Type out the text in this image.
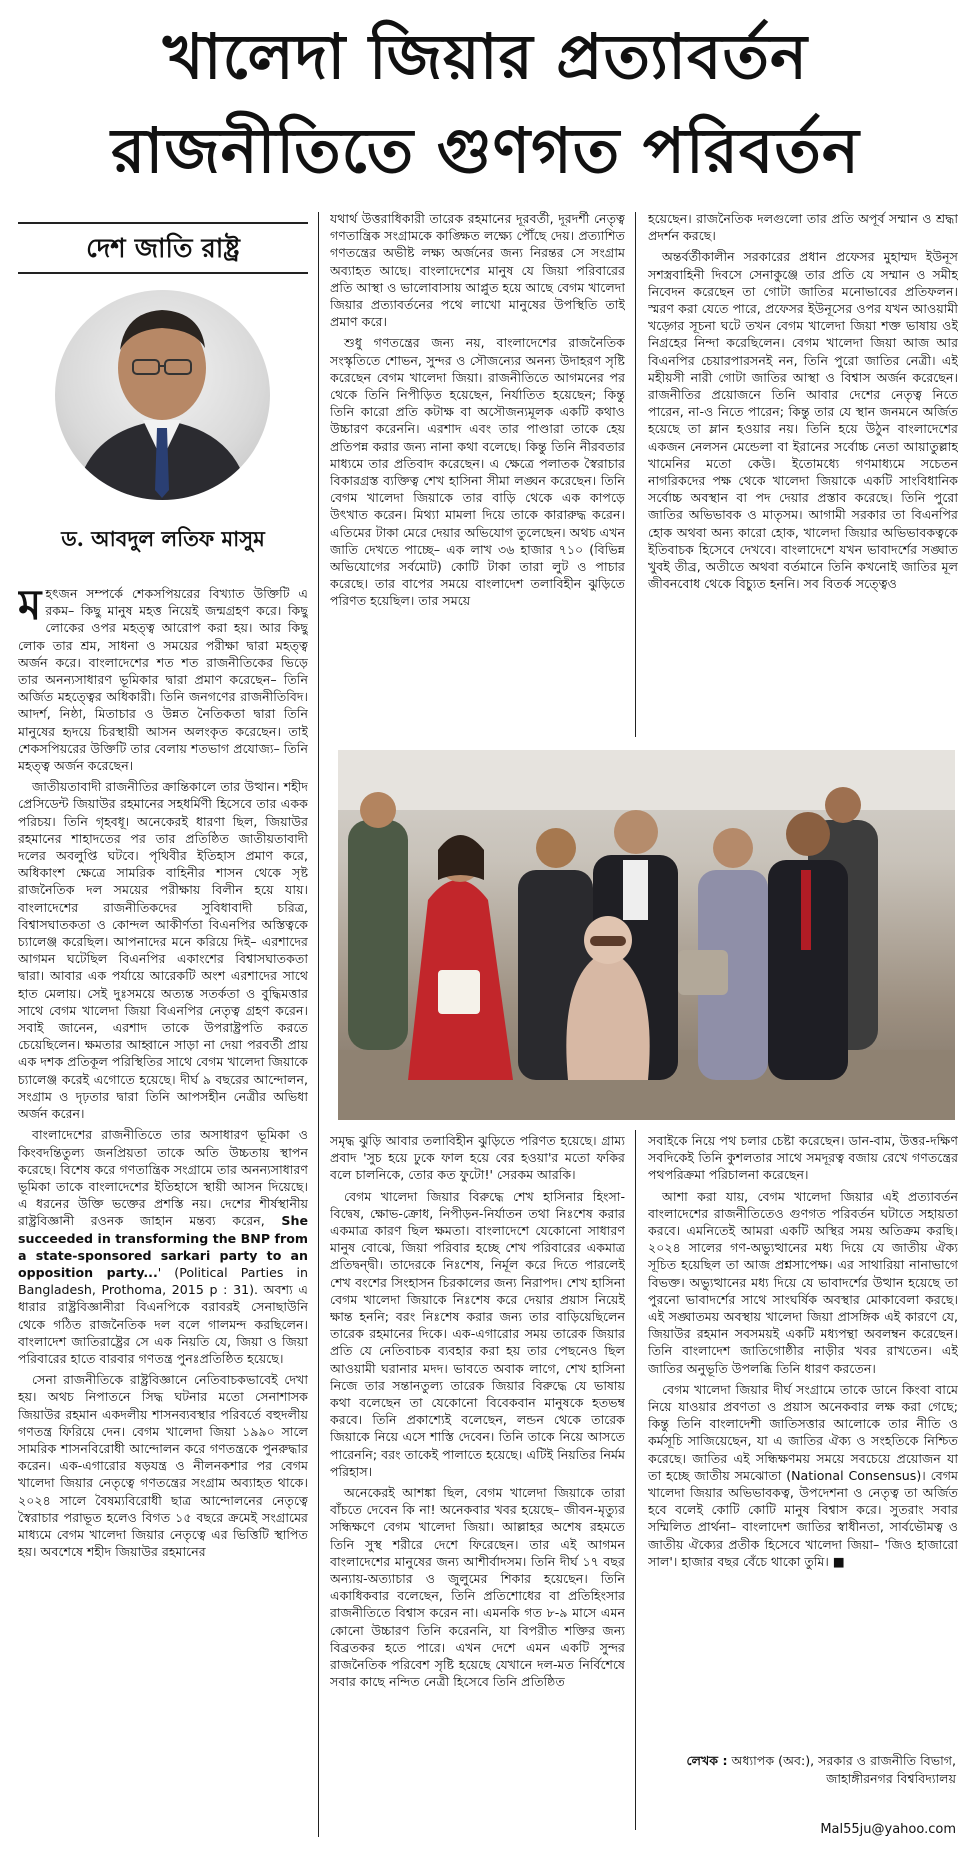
খালেদা জিয়ার প্রত্যাবর্তন
রাজনীতিতে গুণগত পরিবর্তন
দেশ জাতি রাষ্ট্র
ড. আবদুল লতিফ মাসুম

মহৎজন সম্পর্কে শেকসপিয়রের বিখ্যাত উক্তিটি এ রকম– কিছু মানুষ মহত্ত নিয়েই জন্মগ্রহণ করে। কিছু লোকের ওপর মহত্ত্ব আরোপ করা হয়। আর কিছু লোক তার শ্রম, সাধনা ও সময়ের পরীক্ষা দ্বারা মহত্ত্ব অর্জন করে। বাংলাদেশের শত শত রাজনীতিকের ভিড়ে তার অনন্যসাধারণ ভূমিকার দ্বারা প্রমাণ করেছেন– তিনি অর্জিত মহত্ত্বের অধিকারী। তিনি জনগণের রাজনীতিবিদ। আদর্শ, নিষ্ঠা, মিতাচার ও উন্নত নৈতিকতা দ্বারা তিনি মানুষের হৃদয়ে চিরস্থায়ী আসন অলংকৃত করেছেন। তাই শেকসপিয়রের উক্তিটি তার বেলায় শতভাগ প্রযোজ্য– তিনি মহত্ত্ব অর্জন করেছেন।

জাতীয়তাবাদী রাজনীতির ক্রান্তিকালে তার উত্থান। শহীদ প্রেসিডেন্ট জিয়াউর রহমানের সহধর্মিণী হিসেবে তার একক পরিচয়। তিনি গৃহবধূ। অনেকেরই ধারণা ছিল, জিয়াউর রহমানের শাহাদতের পর তার প্রতিষ্ঠিত জাতীয়তাবাদী দলের অবলুপ্তি ঘটবে। পৃথিবীর ইতিহাস প্রমাণ করে, অধিকাংশ ক্ষেত্রে সামরিক বাহিনীর শাসন থেকে সৃষ্ট রাজনৈতিক দল সময়ের পরীক্ষায় বিলীন হয়ে যায়। বাংলাদেশের রাজনীতিকদের সুবিধাবাদী চরিত্র, বিশ্বাসঘাতকতা ও কোন্দল আকীর্ণতা বিএনপির অস্তিত্বকে চ্যালেঞ্জ করেছিল। আপনাদের মনে করিয়ে দিই– এরশাদের আগমন ঘটেছিল বিএনপির একাংশের বিশ্বাসঘাতকতা দ্বারা। আবার এক পর্যায়ে আরেকটি অংশ এরশাদের সাথে হাত মেলায়। সেই দুঃসময়ে অত্যন্ত সতর্কতা ও বুদ্ধিমত্তার সাথে বেগম খালেদা জিয়া বিএনপির নেতৃত্ব গ্রহণ করেন। সবাই জানেন, এরশাদ তাকে উপরাষ্ট্রপতি করতে চেয়েছিলেন। ক্ষমতার আহ্বানে সাড়া না দেয়া পরবর্তী প্রায় এক দশক প্রতিকূল পরিস্থিতির সাথে বেগম খালেদা জিয়াকে চ্যালেঞ্জ করেই এগোতে হয়েছে। দীর্ঘ ৯ বছরের আন্দোলন, সংগ্রাম ও দৃঢ়তার দ্বারা তিনি আপসহীন নেত্রীর অভিধা অর্জন করেন।

বাংলাদেশের রাজনীতিতে তার অসাধারণ ভূমিকা ও কিংবদন্তিতুল্য জনপ্রিয়তা তাকে অতি উচ্চতায় স্থাপন করেছে। বিশেষ করে গণতান্ত্রিক সংগ্রামে তার অনন্যসাধারণ ভূমিকা তাকে বাংলাদেশের ইতিহাসে স্থায়ী আসন দিয়েছে। এ ধরনের উক্তি ভক্তের প্রশস্তি নয়। দেশের শীর্ষস্থানীয় রাষ্ট্রবিজ্ঞানী রওনক জাহান মন্তব্য করেন, She succeeded in transforming the BNP from a state-sponsored sarkari party to an opposition party...' (Political Parties in Bangladesh, Prothoma, 2015 p : 31). অবশ্য এ ধারার রাষ্ট্রবিজ্ঞানীরা বিএনপিকে বরাবরই সেনাছাউনি থেকে গঠিত রাজনৈতিক দল বলে গালমন্দ করছিলেন। বাংলাদেশ জাতিরাষ্ট্রের সে এক নিয়তি যে, জিয়া ও জিয়া পরিবারের হাতে বারবার গণতন্ত্র পুনঃপ্রতিষ্ঠিত হয়েছে।

সেনা রাজনীতিকে রাষ্ট্রবিজ্ঞানে নেতিবাচকভাবেই দেখা হয়। অথচ নিপাতনে সিদ্ধ ঘটনার মতো সেনাশাসক জিয়াউর রহমান একদলীয় শাসনব্যবস্থার পরিবর্তে বহুদলীয় গণতন্ত্র ফিরিয়ে দেন। বেগম খালেদা জিয়া ১৯৯০ সালে সামরিক শাসনবিরোধী আন্দোলন করে গণতন্ত্রকে পুনরুদ্ধার করেন। এক-এগারোর ষড়যন্ত্র ও নীলনকশার পর বেগম খালেদা জিয়ার নেতৃত্বে গণতন্ত্রের সংগ্রাম অব্যাহত থাকে। ২০২৪ সালে বৈষম্যবিরোধী ছাত্র আন্দোলনের নেতৃত্বে স্বৈরাচার পরাভূত হলেও বিগত ১৫ বছরে ক্রমেই সংগ্রামের মাধ্যমে বেগম খালেদা জিয়ার নেতৃত্বে এর ভিত্তিটি স্থাপিত হয়। অবশেষে শহীদ জিয়াউর রহমানের

যথার্থ উত্তরাধিকারী তারেক রহমানের দূরবর্তী, দূরদর্শী নেতৃত্ব গণতান্ত্রিক সংগ্রামকে কাঙ্ক্ষিত লক্ষ্যে পৌঁছে দেয়। প্রত্যাশিত গণতন্ত্রের অভীষ্ট লক্ষ্য অর্জনের জন্য নিরন্তর সে সংগ্রাম অব্যাহত আছে। বাংলাদেশের মানুষ যে জিয়া পরিবারের প্রতি আস্থা ও ভালোবাসায় আপ্লুত হয়ে আছে বেগম খালেদা জিয়ার প্রত্যাবর্তনের পথে লাখো মানুষের উপস্থিতি তাই প্রমাণ করে।

শুধু গণতন্ত্রের জন্য নয়, বাংলাদেশের রাজনৈতিক সংস্কৃতিতে শোভন, সুন্দর ও সৌজন্যের অনন্য উদাহরণ সৃষ্টি করেছেন বেগম খালেদা জিয়া। রাজনীতিতে আগমনের পর থেকে তিনি নিপীড়িত হয়েছেন, নির্যাতিত হয়েছেন; কিন্তু তিনি কারো প্রতি কটাক্ষ বা অসৌজন্যমূলক একটি কথাও উচ্চারণ করেননি। এরশাদ এবং তার পাণ্ডারা তাকে হেয় প্রতিপন্ন করার জন্য নানা কথা বলেছে। কিন্তু তিনি নীরবতার মাধ্যমে তার প্রতিবাদ করেছেন। এ ক্ষেত্রে পলাতক স্বৈরাচার বিকারগ্রস্ত ব্যক্তিত্ব শেখ হাসিনা সীমা লঙ্ঘন করেছেন। তিনি বেগম খালেদা জিয়াকে তার বাড়ি থেকে এক কাপড়ে উৎখাত করেন। মিথ্যা মামলা দিয়ে তাকে কারারুদ্ধ করেন। এতিমের টাকা মেরে দেয়ার অভিযোগ তুলেছেন। অথচ এখন জাতি দেখতে পাচ্ছে– এক লাখ ৩৬ হাজার ৭১০ (বিভিন্ন অভিযোগের সর্বমোট) কোটি টাকা তারা লুট ও পাচার করেছে। তার বাপের সময়ে বাংলাদেশ তলাবিহীন ঝুড়িতে পরিণত হয়েছিল। তার সময়ে

হয়েছেন। রাজনৈতিক দলগুলো তার প্রতি অপূর্ব সম্মান ও শ্রদ্ধা প্রদর্শন করছে।

অন্তর্বর্তীকালীন সরকারের প্রধান প্রফেসর মুহাম্মদ ইউনূস সশস্ত্রবাহিনী দিবসে সেনাকুঞ্জে তার প্রতি যে সম্মান ও সমীহ নিবেদন করেছেন তা গোটা জাতির মনোভাবের প্রতিফলন। স্মরণ করা যেতে পারে, প্রফেসর ইউনূসের ওপর যখন আওয়ামী খড়্গের সূচনা ঘটে তখন বেগম খালেদা জিয়া শক্ত ভাষায় ওই নিগ্রহের নিন্দা করেছিলেন। বেগম খালেদা জিয়া আজ আর বিএনপির চেয়ারপারসনই নন, তিনি পুরো জাতির নেত্রী। এই মহীয়সী নারী গোটা জাতির আস্থা ও বিশ্বাস অর্জন করেছেন। রাজনীতির প্রয়োজনে তিনি আবার দেশের নেতৃত্ব নিতে পারেন, না-ও নিতে পারেন; কিন্তু তার যে স্থান জনমনে অর্জিত হয়েছে তা ম্লান হওয়ার নয়। তিনি হয়ে উঠুন বাংলাদেশের একজন নেলসন মেন্ডেলা বা ইরানের সর্বোচ্চ নেতা আয়াতুল্লাহ খামেনির মতো কেউ। ইতোমধ্যে গণমাধ্যমে সচেতন নাগরিকদের পক্ষ থেকে খালেদা জিয়াকে একটি সাংবিধানিক সর্বোচ্চ অবস্থান বা পদ দেয়ার প্রস্তাব করেছে। তিনি পুরো জাতির অভিভাবক ও মাতৃসম। আগামী সরকার তা বিএনপির হোক অথবা অন্য কারো হোক, খালেদা জিয়ার অভিভাবকত্বকে ইতিবাচক হিসেবে দেখবে। বাংলাদেশে যখন ভাবাদর্শের সঙ্ঘাত খুবই তীব্র, অতীতে অথবা বর্তমানে তিনি কখনোই জাতির মূল জীবনবোধ থেকে বিচ্যুত হননি। সব বিতর্ক সত্ত্বেও

সমৃদ্ধ ঝুড়ি আবার তলাবিহীন ঝুড়িতে পরিণত হয়েছে। গ্রাম্য প্রবাদ 'সুচ হয়ে ঢুকে ফাল হয়ে বের হওয়া'র মতো ফকির বলে চালনিকে, তোর কত ফুটো!' সেরকম আরকি।

বেগম খালেদা জিয়ার বিরুদ্ধে শেখ হাসিনার হিংসা-বিদ্বেষ, ক্ষোভ-ক্রোধ, নিপীড়ন-নির্যাতন তথা নিঃশেষ করার একমাত্র কারণ ছিল ক্ষমতা। বাংলাদেশে যেকোনো সাধারণ মানুষ বোঝে, জিয়া পরিবার হচ্ছে শেখ পরিবারের একমাত্র প্রতিদ্বন্দ্বী। তাদেরকে নিঃশেষ, নির্মূল করে দিতে পারলেই শেখ বংশের সিংহাসন চিরকালের জন্য নিরাপদ। শেখ হাসিনা বেগম খালেদা জিয়াকে নিঃশেষ করে দেয়ার প্রয়াস নিয়েই ক্ষান্ত হননি; বরং নিঃশেষ করার জন্য তার বাড়িয়েছিলেন তারেক রহমানের দিকে। এক-এগারোর সময় তারেক জিয়ার প্রতি যে নেতিবাচক ব্যবহার করা হয় তার পেছনেও ছিল আওয়ামী ঘরানার মদদ। ভাবতে অবাক লাগে, শেখ হাসিনা নিজে তার সন্তানতুল্য তারেক জিয়ার বিরুদ্ধে যে ভাষায় কথা বলেছেন তা যেকোনো বিবেকবান মানুষকে হতভম্ব করবে। তিনি প্রকাশ্যেই বলেছেন, লন্ডন থেকে তারেক জিয়াকে নিয়ে এসে শাস্তি দেবেন। তিনি তাকে নিয়ে আসতে পারেননি; বরং তাকেই পালাতে হয়েছে। এটিই নিয়তির নির্মম পরিহাস।

অনেকেরই আশঙ্কা ছিল, বেগম খালেদা জিয়াকে তারা বাঁচতে দেবেন কি না! অনেকবার খবর হয়েছে– জীবন-মৃত্যুর সন্ধিক্ষণে বেগম খালেদা জিয়া। আল্লাহর অশেষ রহমতে তিনি সুস্থ শরীরে দেশে ফিরেছেন। তার এই আগমন বাংলাদেশের মানুষের জন্য আশীর্বাদসম। তিনি দীর্ঘ ১৭ বছর অন্যায়-অত্যাচার ও জুলুমের শিকার হয়েছেন। তিনি একাধিকবার বলেছেন, তিনি প্রতিশোধের বা প্রতিহিংসার রাজনীতিতে বিশ্বাস করেন না। এমনকি গত ৮-৯ মাসে এমন কোনো উচ্চারণ তিনি করেননি, যা বিপরীত শক্তির জন্য বিব্রতকর হতে পারে। এখন দেশে এমন একটি সুন্দর রাজনৈতিক পরিবেশ সৃষ্টি হয়েছে যেখানে দল-মত নির্বিশেষে সবার কাছে নন্দিত নেত্রী হিসেবে তিনি প্রতিষ্ঠিত

সবাইকে নিয়ে পথ চলার চেষ্টা করেছেন। ডান-বাম, উত্তর-দক্ষিণ সবদিকেই তিনি কুশলতার সাথে সমদূরত্ব বজায় রেখে গণতন্ত্রের পথপরিক্রমা পরিচালনা করেছেন।

আশা করা যায়, বেগম খালেদা জিয়ার এই প্রত্যাবর্তন বাংলাদেশের রাজনীতিতেও গুণগত পরিবর্তন ঘটাতে সহায়তা করবে। এমনিতেই আমরা একটি অস্থির সময় অতিক্রম করছি। ২০২৪ সালের গণ-অভ্যুত্থানের মধ্য দিয়ে যে জাতীয় ঐক্য সূচিত হয়েছিল তা আজ প্রশ্নসাপেক্ষ। এর সাথারিয়া নানাভাগে বিভক্ত। অভ্যুত্থানের মধ্য দিয়ে যে ভাবাদর্শের উত্থান হয়েছে তা পুরনো ভাবাদর্শের সাথে সাংঘর্ষিক অবস্থার মোকাবেলা করছে। এই সঙ্ঘাতময় অবস্থায় খালেদা জিয়া প্রাসঙ্গিক এই কারণে যে, জিয়াউর রহমান সবসময়ই একটি মধ্যপন্থা অবলম্বন করেছেন। তিনি বাংলাদেশ জাতিগোষ্ঠীর নাড়ীর খবর রাখতেন। এই জাতির অনুভূতি উপলব্ধি তিনি ধারণ করতেন।

বেগম খালেদা জিয়ার দীর্ঘ সংগ্রামে তাকে ডানে কিংবা বামে নিয়ে যাওয়ার প্রবণতা ও প্রয়াস অনেকবার লক্ষ করা গেছে; কিন্তু তিনি বাংলাদেশী জাতিসত্তার আলোকে তার নীতি ও কর্মসূচি সাজিয়েছেন, যা এ জাতির ঐক্য ও সংহতিকে নিশ্চিত করেছে। জাতির এই সন্ধিক্ষণময় সময়ে সবচেয়ে প্রয়োজন যা তা হচ্ছে জাতীয় সমঝোতা (National Consensus)। বেগম খালেদা জিয়ার অভিভাবকত্ব, উপদেশনা ও নেতৃত্ব তা অর্জিত হবে বলেই কোটি কোটি মানুষ বিশ্বাস করে। সুতরাং সবার সম্মিলিত প্রার্থনা– বাংলাদেশ জাতির স্বাধীনতা, সার্বভৌমত্ব ও জাতীয় ঐক্যের প্রতীক হিসেবে খালেদা জিয়া– 'জিও হাজারো সাল'। হাজার বছর বেঁচে থাকো তুমি। ■

লেখক : অধ্যাপক (অব:), সরকার ও রাজনীতি বিভাগ,
জাহাঙ্গীরনগর বিশ্ববিদ্যালয়
Mal55ju@yahoo.com
